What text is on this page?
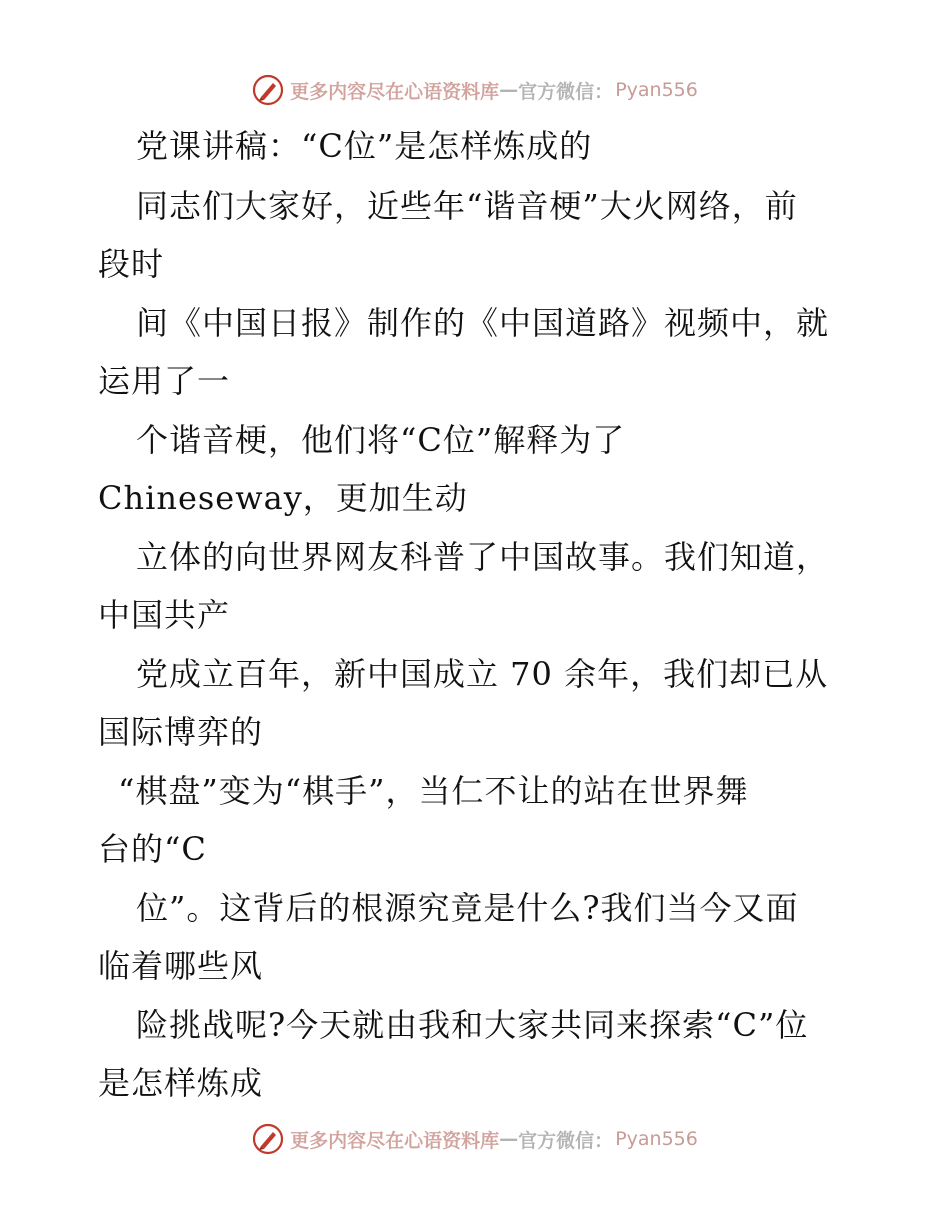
更多内容尽在心语资料库 — 官方微信： Pyan556
党课讲稿：“C位”是怎样炼成的
同志们大家好，近些年“谐音梗”大火网络，前
段时
间《中国日报》制作的《中国道路》视频中，就
运用了一
个谐音梗，他们将“C位”解释为了
Chineseway，更加生动
立体的向世界网友科普了中国故事。我们知道，
中国共产
党成立百年，新中国成立 70 余年，我们却已从
国际博弈的
“棋盘”变为“棋手”，当仁不让的站在世界舞
台的“C
位”。这背后的根源究竟是什么?我们当今又面
临着哪些风
险挑战呢?今天就由我和大家共同来探索“C”位
是怎样炼成
更多内容尽在心语资料库 — 官方微信： Pyan556
